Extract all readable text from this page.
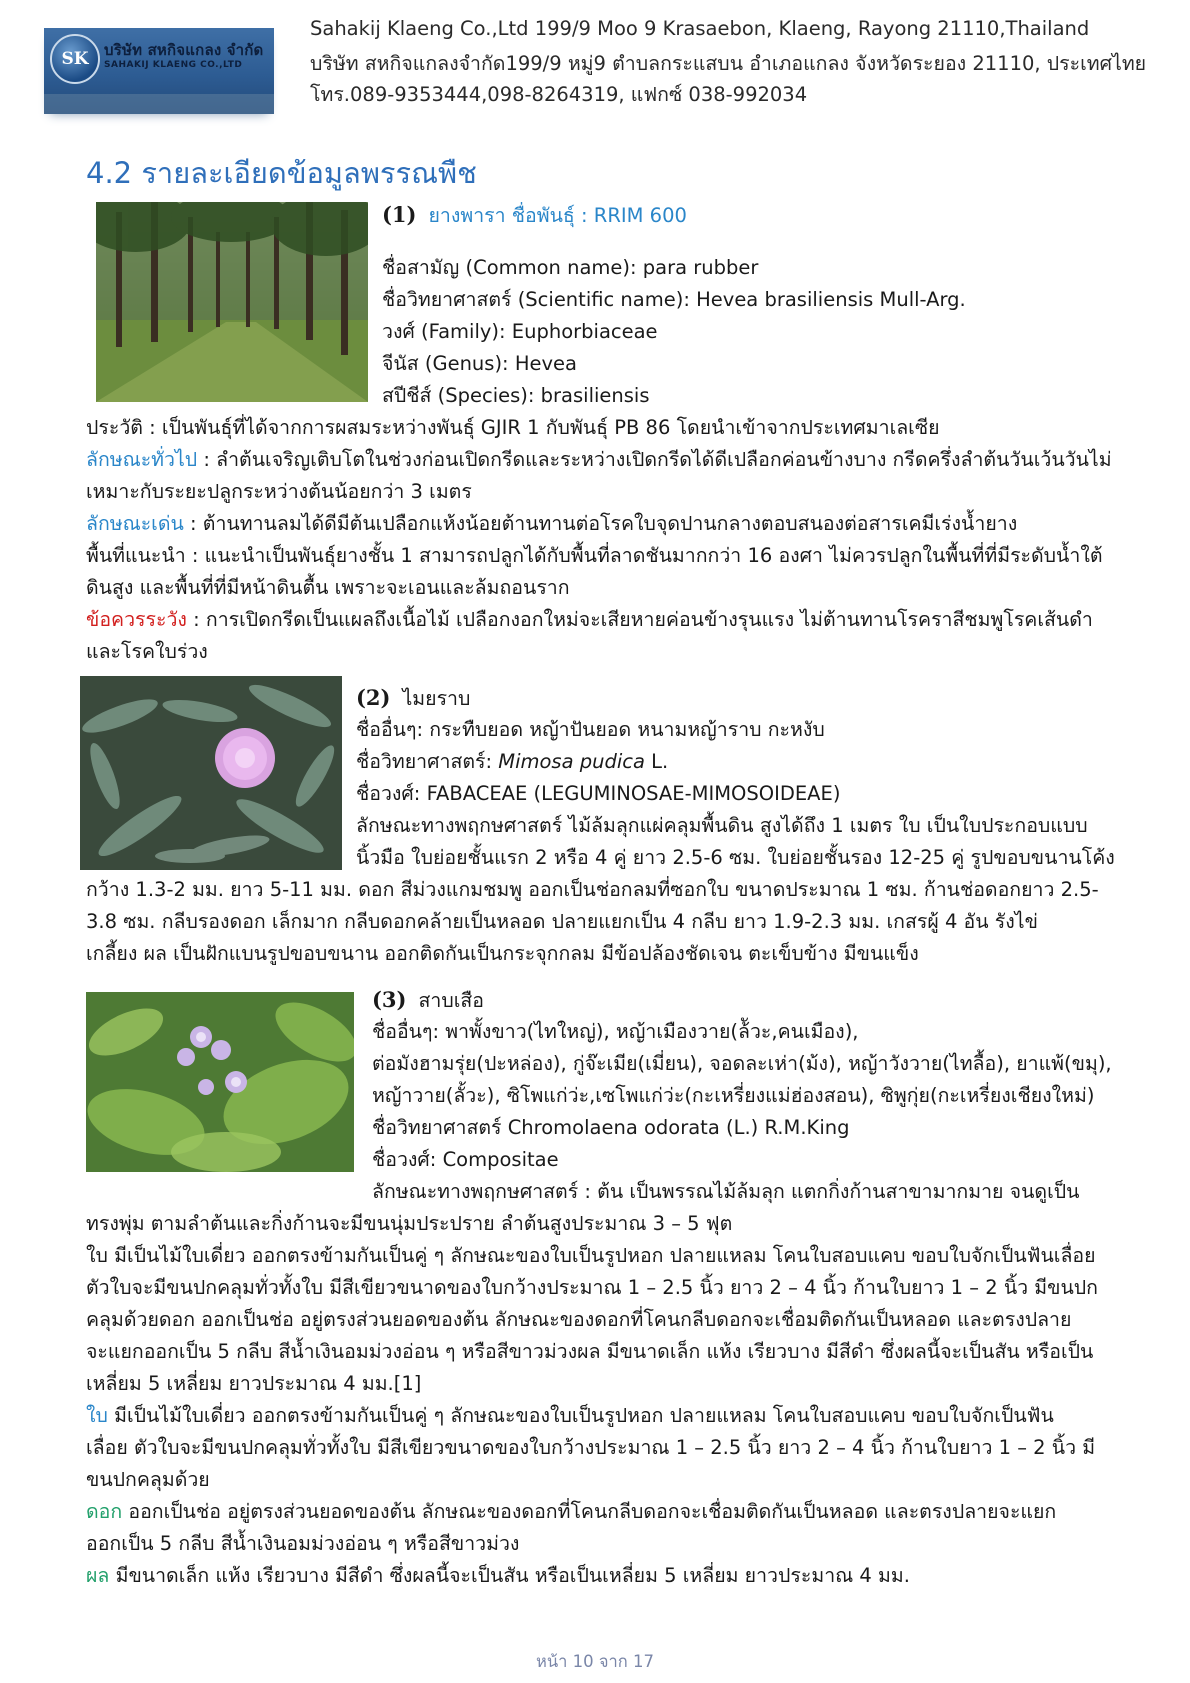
SK	บริษัท สหกิจแกลง จำกัด
SAHAKIJ KLAENG CO.,LTD
Sahakij Klaeng Co.,Ltd 199/9 Moo 9 Krasaebon, Klaeng, Rayong 21110,Thailand
บริษัท สหกิจแกลงจำกัด199/9 หมู่9 ตำบลกระแสบน อำเภอแกลง จังหวัดระยอง 21110, ประเทศไทย
โทร.089-9353444,098-8264319, แฟกซ์ 038-992034
4.2 รายละเอียดข้อมูลพรรณพืช
(1) ยางพารา ชื่อพันธุ์ : RRIM 600
ชื่อสามัญ (Common name): para rubber
ชื่อวิทยาศาสตร์ (Scientific name): Hevea brasiliensis Mull-Arg.
วงศ์ (Family): Euphorbiaceae
จีนัส (Genus): Hevea
สปีชีส์ (Species): brasiliensis
ประวัติ : เป็นพันธุ์ที่ได้จากการผสมระหว่างพันธุ์ GJIR 1 กับพันธุ์ PB 86 โดยนำเข้าจากประเทศมาเลเซีย
ลักษณะทั่วไป : ลำต้นเจริญเติบโตในช่วงก่อนเปิดกรีดและระหว่างเปิดกรีดได้ดีเปลือกค่อนข้างบาง กรีดครึ่งลำต้นวันเว้นวันไม่
เหมาะกับระยะปลูกระหว่างต้นน้อยกว่า 3 เมตร
ลักษณะเด่น : ต้านทานลมได้ดีมีต้นเปลือกแห้งน้อยต้านทานต่อโรคใบจุดปานกลางตอบสนองต่อสารเคมีเร่งน้ำยาง
พื้นที่แนะนำ : แนะนำเป็นพันธุ์ยางชั้น 1 สามารถปลูกได้กับพื้นที่ลาดชันมากกว่า 16 องศา ไม่ควรปลูกในพื้นที่ที่มีระดับน้ำใต้
ดินสูง และพื้นที่ที่มีหน้าดินตื้น เพราะจะเอนและล้มถอนราก
ข้อควรระวัง : การเปิดกรีดเป็นแผลถึงเนื้อไม้ เปลือกงอกใหม่จะเสียหายค่อนข้างรุนแรง ไม่ต้านทานโรคราสีชมพูโรคเส้นดำ
และโรคใบร่วง
(2) ไมยราบ
ชื่ออื่นๆ: กระทืบยอด หญ้าปันยอด หนามหญ้าราบ กะหงับ
ชื่อวิทยาศาสตร์: Mimosa pudica L.
ชื่อวงศ์: FABACEAE (LEGUMINOSAE-MIMOSOIDEAE)
ลักษณะทางพฤกษศาสตร์ ไม้ล้มลุกแผ่คลุมพื้นดิน สูงได้ถึง 1 เมตร ใบ เป็นใบประกอบแบบ
นิ้วมือ ใบย่อยชั้นแรก 2 หรือ 4 คู่ ยาว 2.5-6 ซม. ใบย่อยชั้นรอง 12-25 คู่ รูปขอบขนานโค้ง
กว้าง 1.3-2 มม. ยาว 5-11 มม. ดอก สีม่วงแกมชมพู ออกเป็นช่อกลมที่ซอกใบ ขนาดประมาณ 1 ซม. ก้านช่อดอกยาว 2.5-
3.8 ซม. กลีบรองดอก เล็กมาก กลีบดอกคล้ายเป็นหลอด ปลายแยกเป็น 4 กลีบ ยาว 1.9-2.3 มม. เกสรผู้ 4 อัน รังไข่
เกลี้ยง ผล เป็นฝักแบนรูปขอบขนาน ออกติดกันเป็นกระจุกกลม มีข้อปล้องชัดเจน ตะเข็บข้าง มีขนแข็ง
(3) สาบเสือ
ชื่ออื่นๆ: พาพั้งขาว(ไทใหญ่), หญ้าเมืองวาย(ล้ัวะ,คนเมือง),
ต่อมังฮามรุ่ย(ปะหล่อง), กู่จ๊ะเมีย(เมี่ยน), จอดละเห่า(ม้ง), หญ้าวังวาย(ไทลื้อ), ยาแพ้(ขมุ),
หญ้าวาย(ลั้วะ), ซิโพแก่ว่ะ,เซโพแก่ว่ะ(กะเหรี่ยงแม่ฮ่องสอน), ซิพูกุ่ย(กะเหรี่ยงเชียงใหม่)
ชื่อวิทยาศาสตร์ Chromolaena odorata (L.) R.M.King
ชื่อวงศ์: Compositae
ลักษณะทางพฤกษศาสตร์ : ต้น เป็นพรรณไม้ล้มลุก แตกกิ่งก้านสาขามากมาย จนดูเป็น
ทรงพุ่ม ตามลำต้นและกิ่งก้านจะมีขนนุ่มประปราย ลำต้นสูงประมาณ 3 – 5 ฟุต
ใบ มีเป็นไม้ใบเดี่ยว ออกตรงข้ามกันเป็นคู่ ๆ ลักษณะของใบเป็นรูปหอก ปลายแหลม โคนใบสอบแคบ ขอบใบจักเป็นฟันเลื่อย
ตัวใบจะมีขนปกคลุมทั่วทั้งใบ มีสีเขียวขนาดของใบกว้างประมาณ 1 – 2.5 นิ้ว ยาว 2 – 4 นิ้ว ก้านใบยาว 1 – 2 นิ้ว มีขนปก
คลุมด้วยดอก ออกเป็นช่อ อยู่ตรงส่วนยอดของต้น ลักษณะของดอกที่โคนกลีบดอกจะเชื่อมติดกันเป็นหลอด และตรงปลาย
จะแยกออกเป็น 5 กลีบ สีน้ำเงินอมม่วงอ่อน ๆ หรือสีขาวม่วงผล มีขนาดเล็ก แห้ง เรียวบาง มีสีดำ ซึ่งผลนี้จะเป็นสัน หรือเป็น
เหลี่ยม 5 เหลี่ยม ยาวประมาณ 4 มม.[1]
ใบ มีเป็นไม้ใบเดี่ยว ออกตรงข้ามกันเป็นคู่ ๆ ลักษณะของใบเป็นรูปหอก ปลายแหลม โคนใบสอบแคบ ขอบใบจักเป็นฟัน
เลื่อย ตัวใบจะมีขนปกคลุมทั่วทั้งใบ มีสีเขียวขนาดของใบกว้างประมาณ 1 – 2.5 นิ้ว ยาว 2 – 4 นิ้ว ก้านใบยาว 1 – 2 นิ้ว มี
ขนปกคลุมด้วย
ดอก ออกเป็นช่อ อยู่ตรงส่วนยอดของต้น ลักษณะของดอกที่โคนกลีบดอกจะเชื่อมติดกันเป็นหลอด และตรงปลายจะแยก
ออกเป็น 5 กลีบ สีน้ำเงินอมม่วงอ่อน ๆ หรือสีขาวม่วง
ผล มีขนาดเล็ก แห้ง เรียวบาง มีสีดำ ซึ่งผลนี้จะเป็นสัน หรือเป็นเหลี่ยม 5 เหลี่ยม ยาวประมาณ 4 มม.
หน้า 10 จาก 17
